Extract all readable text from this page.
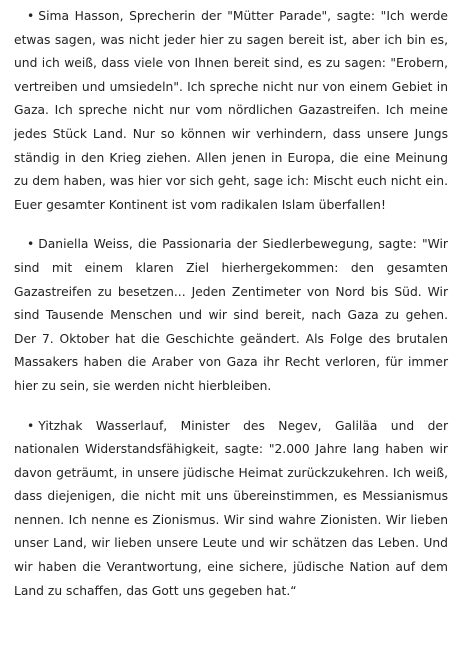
• Sima Hasson, Sprecherin der "Mütter Parade", sagte: "Ich werde etwas sagen, was nicht jeder hier zu sagen bereit ist, aber ich bin es, und ich weiß, dass viele von Ihnen bereit sind, es zu sagen: "Erobern, vertreiben und umsiedeln". Ich spreche nicht nur von einem Gebiet in Gaza. Ich spreche nicht nur vom nördlichen Gazastreifen. Ich meine jedes Stück Land. Nur so können wir verhindern, dass unsere Jungs ständig in den Krieg ziehen. Allen jenen in Europa, die eine Meinung zu dem haben, was hier vor sich geht, sage ich: Mischt euch nicht ein. Euer gesamter Kontinent ist vom radikalen Islam überfallen!

• Daniella Weiss, die Passionaria der Siedlerbewegung, sagte: "Wir sind mit einem klaren Ziel hierhergekommen: den gesamten Gazastreifen zu besetzen... Jeden Zentimeter von Nord bis Süd. Wir sind Tausende Menschen und wir sind bereit, nach Gaza zu gehen. Der 7. Oktober hat die Geschichte geändert. Als Folge des brutalen Massakers haben die Araber von Gaza ihr Recht verloren, für immer hier zu sein, sie werden nicht hierbleiben.

• Yitzhak Wasserlauf, Minister des Negev, Galiläa und der nationalen Widerstandsfähigkeit, sagte: "2.000 Jahre lang haben wir davon geträumt, in unsere jüdische Heimat zurückzukehren. Ich weiß, dass diejenigen, die nicht mit uns übereinstimmen, es Messianismus nennen. Ich nenne es Zionismus. Wir sind wahre Zionisten. Wir lieben unser Land, wir lieben unsere Leute und wir schätzen das Leben. Und wir haben die Verantwortung, eine sichere, jüdische Nation auf dem Land zu schaffen, das Gott uns gegeben hat.“
